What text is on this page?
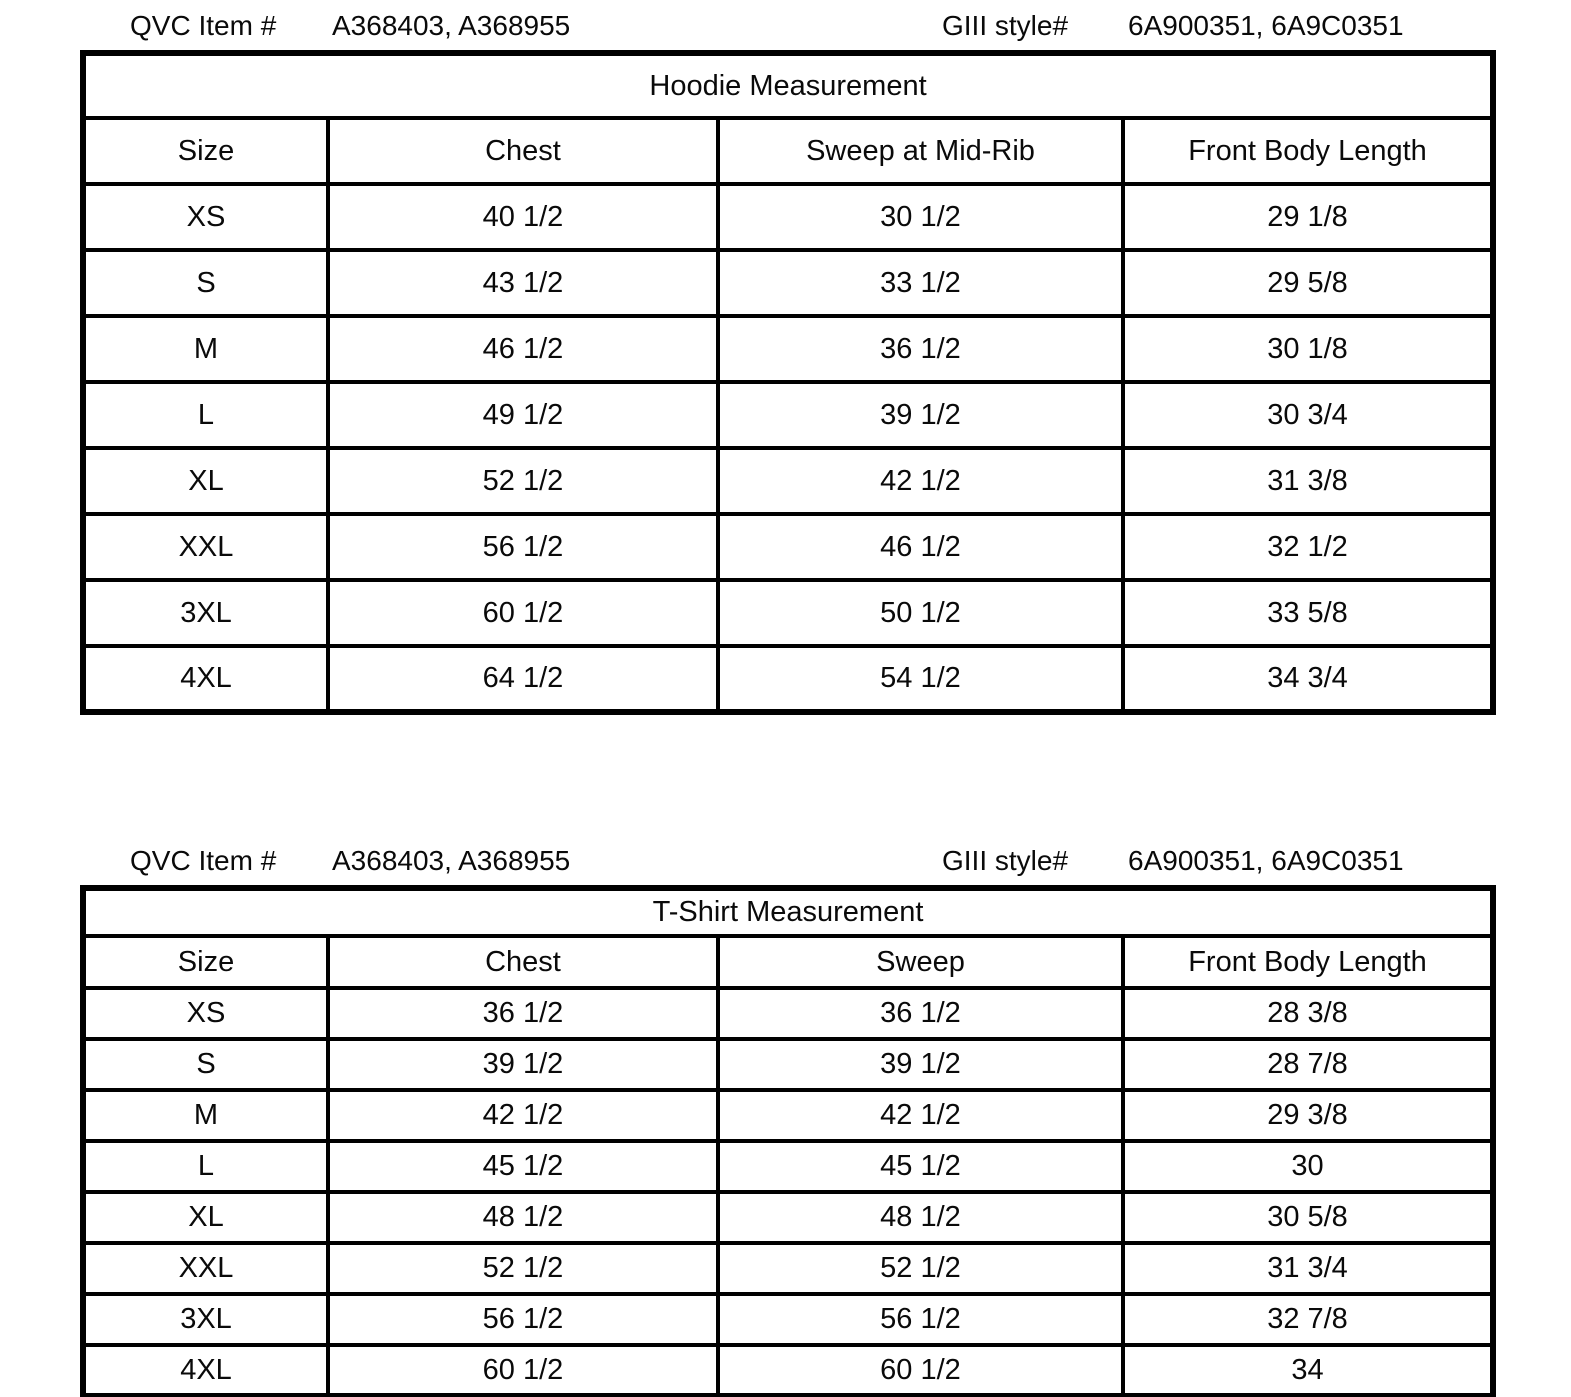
QVC Item # A368403, A368955	GIII style# 6A900351, 6A9C0351
Hoodie Measurement			
Size	Chest	Sweep at Mid-Rib	Front Body Length
XS	40 1/2	30 1/2	29 1/8
S	43 1/2	33 1/2	29 5/8
M	46 1/2	36 1/2	30 1/8
L	49 1/2	39 1/2	30 3/4
XL	52 1/2	42 1/2	31 3/8
XXL	56 1/2	46 1/2	32 1/2
3XL	60 1/2	50 1/2	33 5/8
4XL	64 1/2	54 1/2	34 3/4
QVC Item # A368403, A368955	GIII style# 6A900351, 6A9C0351
T-Shirt Measurement			
Size	Chest	Sweep	Front Body Length
XS	36 1/2	36 1/2	28 3/8
S	39 1/2	39 1/2	28 7/8
M	42 1/2	42 1/2	29 3/8
L	45 1/2	45 1/2	30
XL	48 1/2	48 1/2	30 5/8
XXL	52 1/2	52 1/2	31 3/4
3XL	56 1/2	56 1/2	32 7/8
4XL	60 1/2	60 1/2	34
